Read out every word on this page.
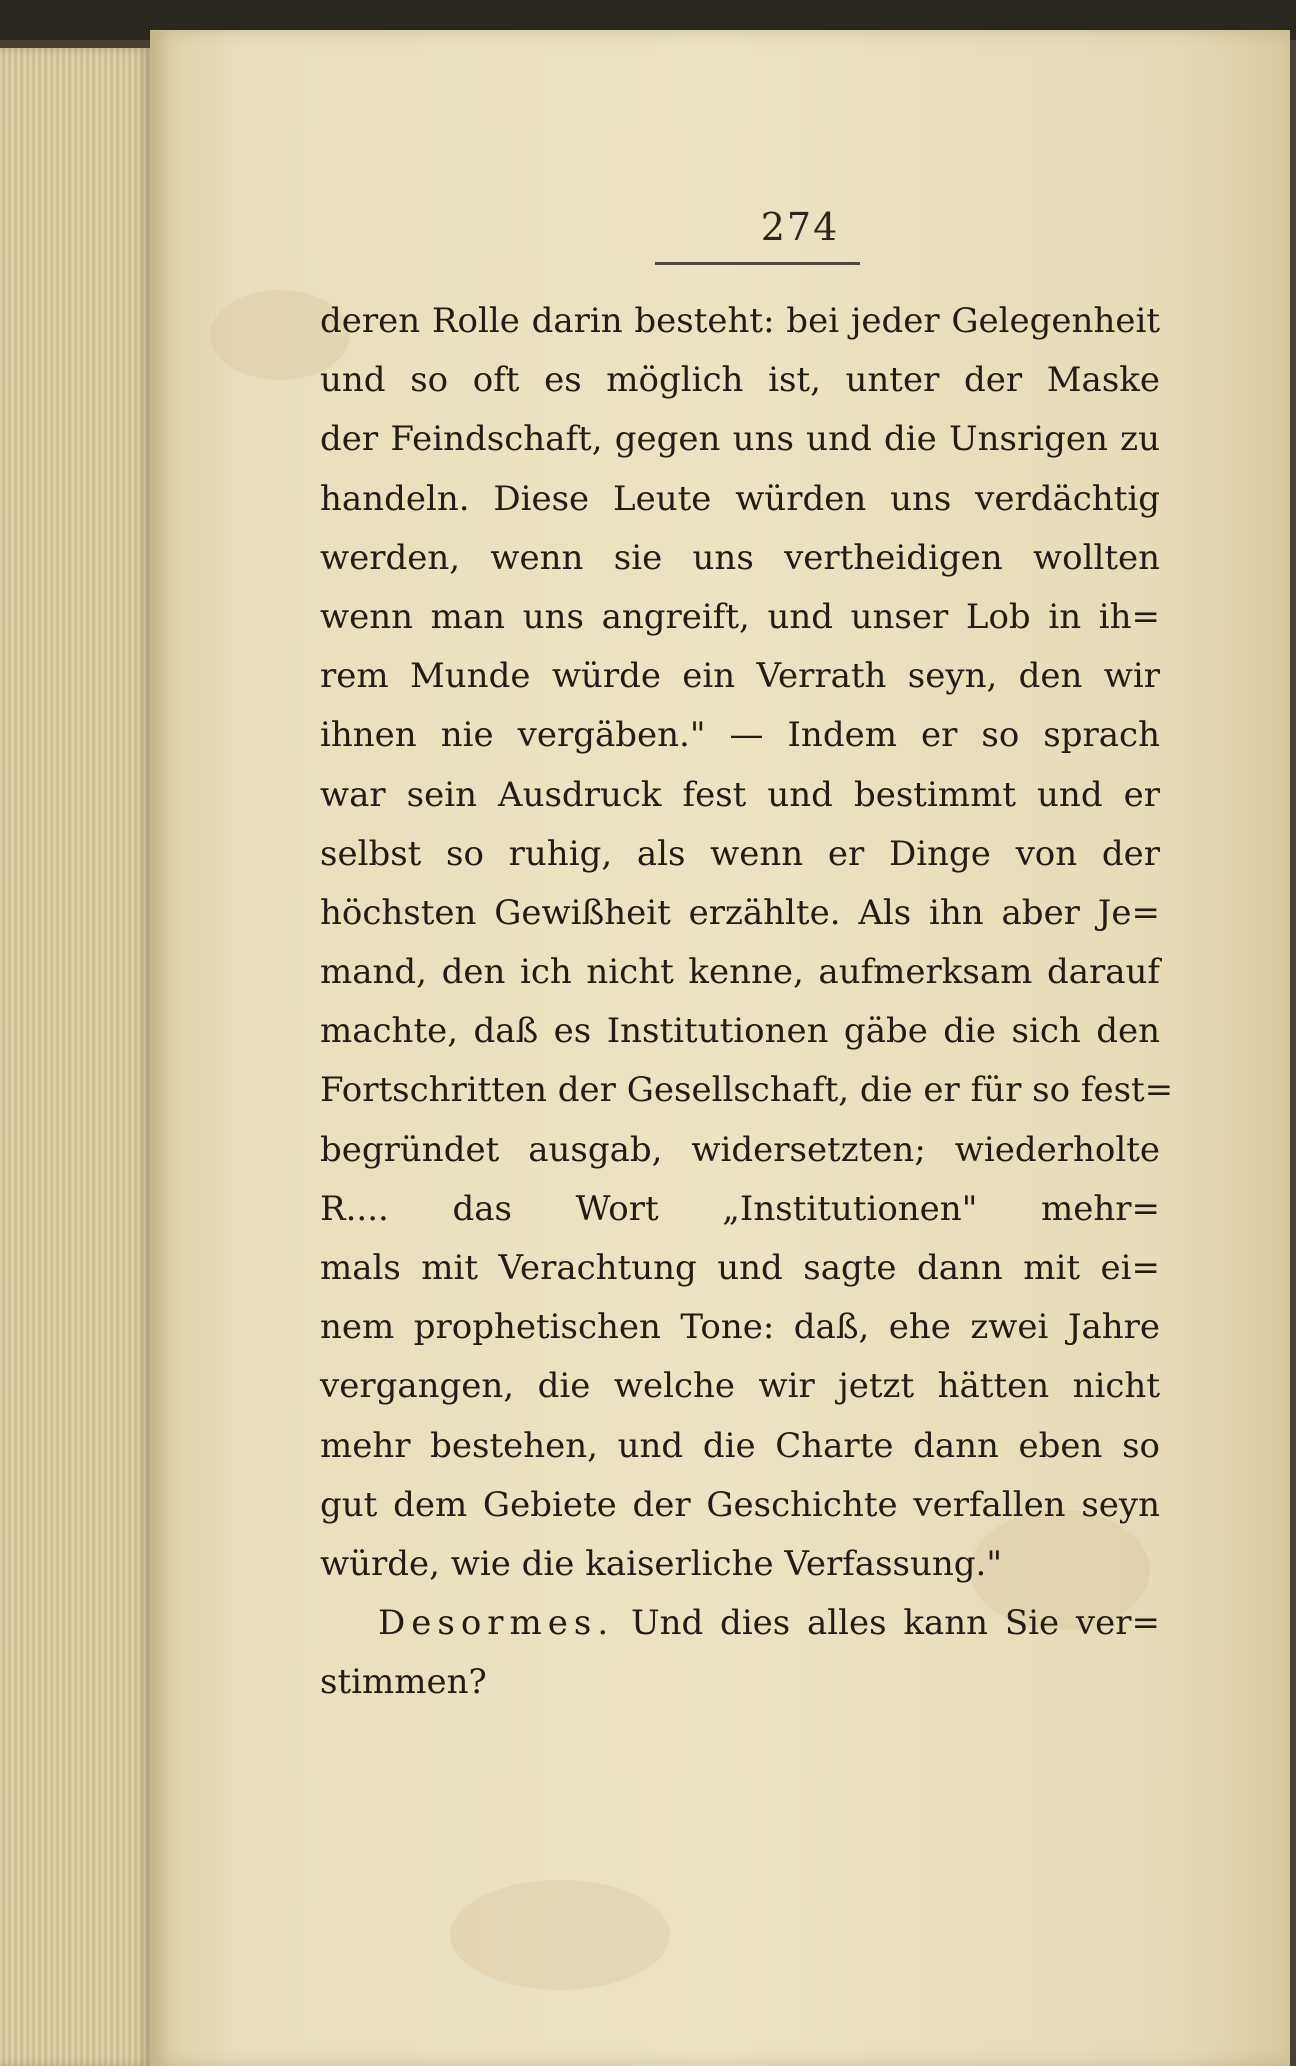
274
deren Rolle darin besteht: bei jeder Gelegenheit
und so oft es möglich ist, unter der Maske
der Feindschaft, gegen uns und die Unsrigen zu
handeln. Diese Leute würden uns verdächtig
werden, wenn sie uns vertheidigen wollten
wenn man uns angreift, und unser Lob in ih=
rem Munde würde ein Verrath seyn, den wir
ihnen nie vergäben." — Indem er so sprach
war sein Ausdruck fest und bestimmt und er
selbst so ruhig, als wenn er Dinge von der
höchsten Gewißheit erzählte. Als ihn aber Je=
mand, den ich nicht kenne, aufmerksam darauf
machte, daß es Institutionen gäbe die sich den
Fortschritten der Gesellschaft, die er für so fest=
begründet ausgab, widersetzten; wiederholte
R.... das Wort „Institutionen" mehr=
mals mit Verachtung und sagte dann mit ei=
nem prophetischen Tone: daß, ehe zwei Jahre
vergangen, die welche wir jetzt hätten nicht
mehr bestehen, und die Charte dann eben so
gut dem Gebiete der Geschichte verfallen seyn
würde, wie die kaiserliche Verfassung."
Desormes. Und dies alles kann Sie ver=
stimmen?
